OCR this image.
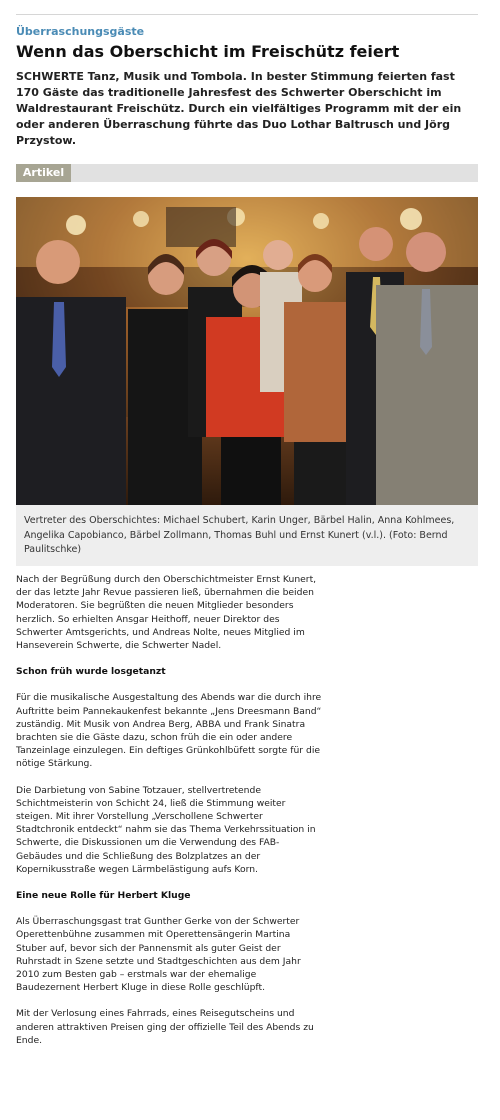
Überraschungsgäste
Wenn das Oberschicht im Freischütz feiert
SCHWERTE Tanz, Musik und Tombola. In bester Stimmung feierten fast 170 Gäste das traditionelle Jahresfest des Schwerter Oberschicht im Waldrestaurant Freischütz. Durch ein vielfältiges Programm mit der ein oder anderen Überraschung führte das Duo Lothar Baltrusch und Jörg Przystow.
Artikel
Vertreter des Oberschichtes: Michael Schubert, Karin Unger, Bärbel Halin, Anna Kohlmees, Angelika Capobianco, Bärbel Zollmann, Thomas Buhl und Ernst Kunert (v.l.). (Foto: Bernd Paulitschke)

Nach der Begrüßung durch den Oberschichtmeister Ernst Kunert, der das letzte Jahr Revue passieren ließ, übernahmen die beiden Moderatoren. Sie begrüßten die neuen Mitglieder besonders herzlich. So erhielten Ansgar Heithoff, neuer Direktor des Schwerter Amtsgerichts, und Andreas Nolte, neues Mitglied im Hanseverein Schwerte, die Schwerter Nadel.

Schon früh wurde losgetanzt

Für die musikalische Ausgestaltung des Abends war die durch ihre Auftritte beim Pannekaukenfest bekannte „Jens Dreesmann Band“ zuständig. Mit Musik von Andrea Berg, ABBA und Frank Sinatra brachten sie die Gäste dazu, schon früh die ein oder andere Tanzeinlage einzulegen. Ein deftiges Grünkohlbüfett sorgte für die nötige Stärkung.

Die Darbietung von Sabine Totzauer, stellvertretende Schichtmeisterin von Schicht 24, ließ die Stimmung weiter steigen. Mit ihrer Vorstellung „Verschollene Schwerter Stadtchronik entdeckt“ nahm sie das Thema Verkehrssituation in Schwerte, die Diskussionen um die Verwendung des FAB-Gebäudes und die Schließung des Bolzplatzes an der Kopernikusstraße wegen Lärmbelästigung aufs Korn.

Eine neue Rolle für Herbert Kluge

Als Überraschungsgast trat Gunther Gerke von der Schwerter Operettenbühne zusammen mit Operettensängerin Martina Stuber auf, bevor sich der Pannensmit als guter Geist der Ruhrstadt in Szene setzte und Stadtgeschichten aus dem Jahr 2010 zum Besten gab – erstmals war der ehemalige Baudezernent Herbert Kluge in diese Rolle geschlüpft.

Mit der Verlosung eines Fahrrads, eines Reisegutscheins und anderen attraktiven Preisen ging der offizielle Teil des Abends zu Ende.
